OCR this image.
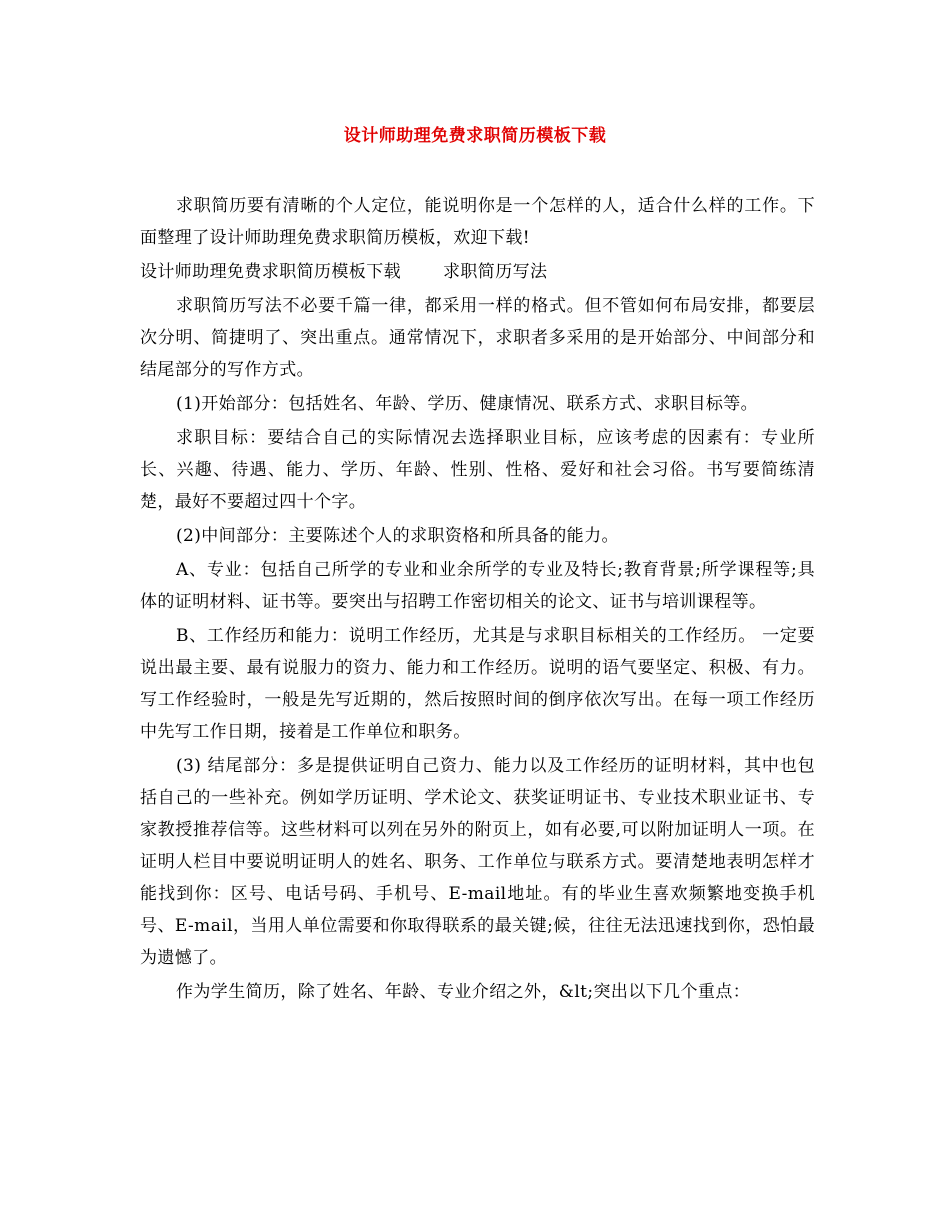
设计师助理免费求职简历模板下载

求职简历要有清晰的个人定位，能说明你是一个怎样的人，适合什么样的工作。下面整理了设计师助理免费求职简历模板，欢迎下载!

设计师助理免费求职简历模板下载 求职简历写法

求职简历写法不必要千篇一律，都采用一样的格式。但不管如何布局安排，都要层次分明、简捷明了、突出重点。通常情况下，求职者多采用的是开始部分、中间部分和结尾部分的写作方式。

(1)开始部分：包括姓名、年龄、学历、健康情况、联系方式、求职目标等。

求职目标：要结合自己的实际情况去选择职业目标，应该考虑的因素有：专业所长、兴趣、待遇、能力、学历、年龄、性别、性格、爱好和社会习俗。书写要简练清楚，最好不要超过四十个字。

(2)中间部分：主要陈述个人的求职资格和所具备的能力。

A、专业：包括自己所学的专业和业余所学的专业及特长;教育背景;所学课程等;具体的证明材料、证书等。要突出与招聘工作密切相关的论文、证书与培训课程等。

B、工作经历和能力：说明工作经历，尤其是与求职目标相关的工作经历。 一定要说出最主要、最有说服力的资力、能力和工作经历。说明的语气要坚定、积极、有力。写工作经验时，一般是先写近期的，然后按照时间的倒序依次写出。在每一项工作经历中先写工作日期，接着是工作单位和职务。

(3) 结尾部分：多是提供证明自己资力、能力以及工作经历的证明材料，其中也包括自己的一些补充。例如学历证明、学术论文、获奖证明证书、专业技术职业证书、专家教授推荐信等。这些材料可以列在另外的附页上，如有必要,可以附加证明人一项。在证明人栏目中要说明证明人的姓名、职务、工作单位与联系方式。要清楚地表明怎样才能找到你：区号、电话号码、手机号、E-mail地址。有的毕业生喜欢频繁地变换手机号、E-mail，当用人单位需要和你取得联系的最关键;候，往往无法迅速找到你，恐怕最为遗憾了。

作为学生简历，除了姓名、年龄、专业介绍之外，&lt;突出以下几个重点：
